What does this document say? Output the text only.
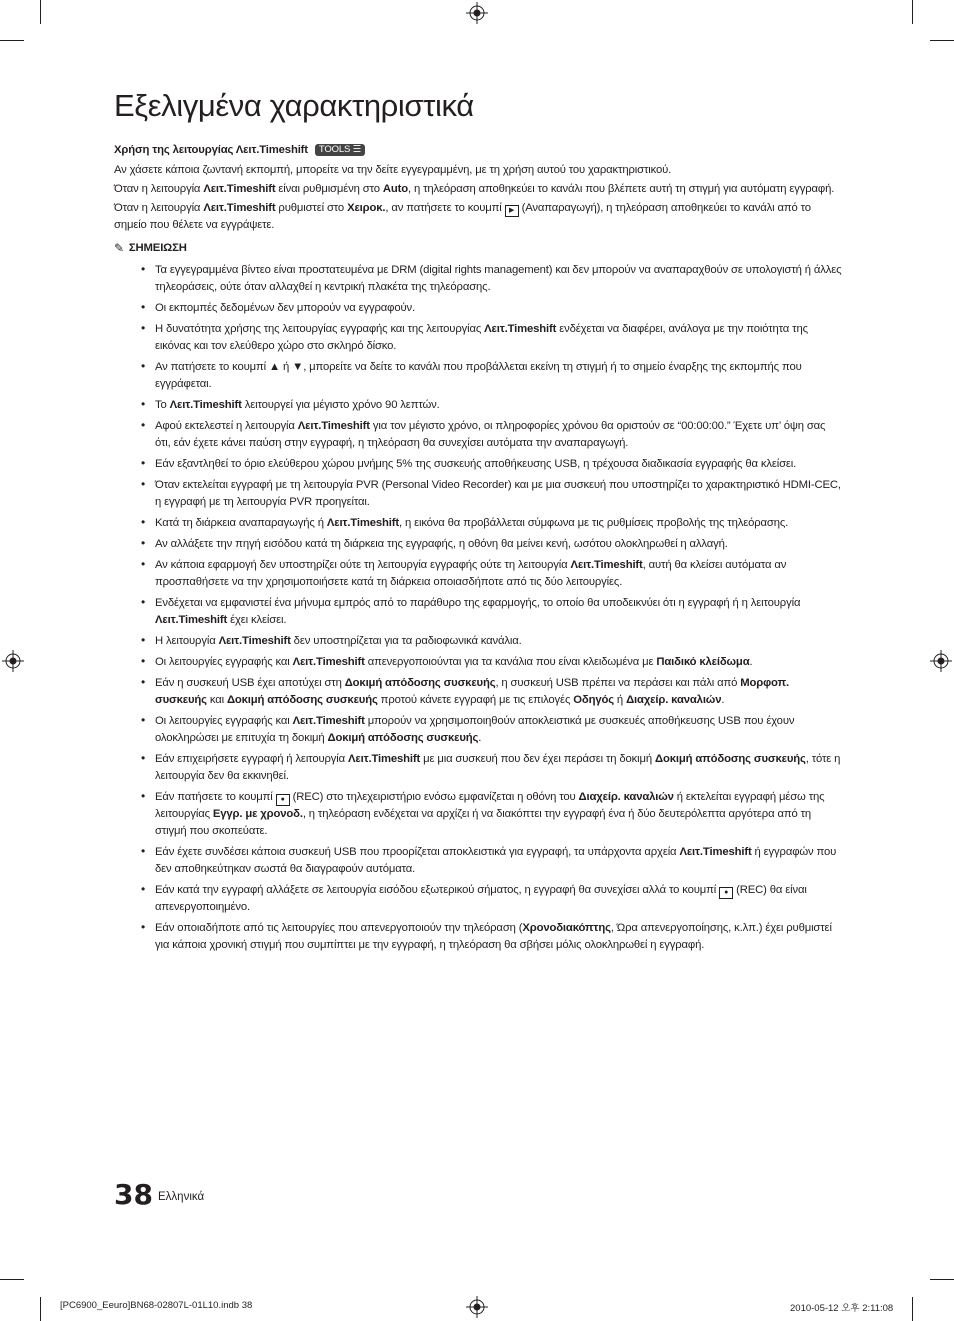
Εξελιγμένα χαρακτηριστικά
Χρήση της λειτουργίας Λειτ.Timeshift TOOLS ☰

Αν χάσετε κάποια ζωντανή εκπομπή, μπορείτε να την δείτε εγγεγραμμένη, με τη χρήση αυτού του χαρακτηριστικού.

Όταν η λειτουργία Λειτ.Timeshift είναι ρυθμισμένη στο Auto, η τηλεόραση αποθηκεύει το κανάλι που βλέπετε αυτή τη στιγμή για αυτόματη εγγραφή.

Όταν η λειτουργία Λειτ.Timeshift ρυθμιστεί στο Χειροκ., αν πατήσετε το κουμπί ▶ (Αναπαραγωγή), η τηλεόραση αποθηκεύει το κανάλι από το σημείο που θέλετε να εγγράψετε.

✎ ΣΗΜΕΙΩΣΗ
• Τα εγγεγραμμένα βίντεο είναι προστατευμένα με DRM (digital rights management) και δεν μπορούν να αναπαραχθούν σε υπολογιστή ή άλλες τηλεοράσεις, ούτε όταν αλλαχθεί η κεντρική πλακέτα της τηλεόρασης.
• Οι εκπομπές δεδομένων δεν μπορούν να εγγραφούν.
• Η δυνατότητα χρήσης της λειτουργίας εγγραφής και της λειτουργίας Λειτ.Timeshift ενδέχεται να διαφέρει, ανάλογα με την ποιότητα της εικόνας και τον ελεύθερο χώρο στο σκληρό δίσκο.
• Αν πατήσετε το κουμπί ▲ ή ▼, μπορείτε να δείτε το κανάλι που προβάλλεται εκείνη τη στιγμή ή το σημείο έναρξης της εκπομπής που εγγράφεται.
• Το Λειτ.Timeshift λειτουργεί για μέγιστο χρόνο 90 λεπτών.
• Αφού εκτελεστεί η λειτουργία Λειτ.Timeshift για τον μέγιστο χρόνο, οι πληροφορίες χρόνου θα οριστούν σε “00:00:00.” Έχετε υπ’ όψη σας ότι, εάν έχετε κάνει παύση στην εγγραφή, η τηλεόραση θα συνεχίσει αυτόματα την αναπαραγωγή.
• Εάν εξαντληθεί το όριο ελεύθερου χώρου μνήμης 5% της συσκευής αποθήκευσης USB, η τρέχουσα διαδικασία εγγραφής θα κλείσει.
• Όταν εκτελείται εγγραφή με τη λειτουργία PVR (Personal Video Recorder) και με μια συσκευή που υποστηρίζει το χαρακτηριστικό HDMI-CEC, η εγγραφή με τη λειτουργία PVR προηγείται.
• Κατά τη διάρκεια αναπαραγωγής ή Λειτ.Timeshift, η εικόνα θα προβάλλεται σύμφωνα με τις ρυθμίσεις προβολής της τηλεόρασης.
• Αν αλλάξετε την πηγή εισόδου κατά τη διάρκεια της εγγραφής, η οθόνη θα μείνει κενή, ωσότου ολοκληρωθεί η αλλαγή.
• Αν κάποια εφαρμογή δεν υποστηρίζει ούτε τη λειτουργία εγγραφής ούτε τη λειτουργία Λειτ.Timeshift, αυτή θα κλείσει αυτόματα αν προσπαθήσετε να την χρησιμοποιήσετε κατά τη διάρκεια οποιασδήποτε από τις δύο λειτουργίες.
• Ενδέχεται να εμφανιστεί ένα μήνυμα εμπρός από το παράθυρο της εφαρμογής, το οποίο θα υποδεικνύει ότι η εγγραφή ή η λειτουργία Λειτ.Timeshift έχει κλείσει.
• Η λειτουργία Λειτ.Timeshift δεν υποστηρίζεται για τα ραδιοφωνικά κανάλια.
• Οι λειτουργίες εγγραφής και Λειτ.Timeshift απενεργοποιούνται για τα κανάλια που είναι κλειδωμένα με Παιδικό κλείδωμα.
• Εάν η συσκευή USB έχει αποτύχει στη Δοκιμή απόδοσης συσκευής, η συσκευή USB πρέπει να περάσει και πάλι από Μορφοπ. συσκευής και Δοκιμή απόδοσης συσκευής προτού κάνετε εγγραφή με τις επιλογές Οδηγός ή Διαχείρ. καναλιών.
• Οι λειτουργίες εγγραφής και Λειτ.Timeshift μπορούν να χρησιμοποιηθούν αποκλειστικά με συσκευές αποθήκευσης USB που έχουν ολοκληρώσει με επιτυχία τη δοκιμή Δοκιμή απόδοσης συσκευής.
• Εάν επιχειρήσετε εγγραφή ή λειτουργία Λειτ.Timeshift με μια συσκευή που δεν έχει περάσει τη δοκιμή Δοκιμή απόδοσης συσκευής, τότε η λειτουργία δεν θα εκκινηθεί.
• Εάν πατήσετε το κουμπί ● (REC) στο τηλεχειριστήριο ενόσω εμφανίζεται η οθόνη του Διαχείρ. καναλιών ή εκτελείται εγγραφή μέσω της λειτουργίας Εγγρ. με χρονοδ., η τηλεόραση ενδέχεται να αρχίζει ή να διακόπτει την εγγραφή ένα ή δύο δευτερόλεπτα αργότερα από τη στιγμή που σκοπεύατε.
• Εάν έχετε συνδέσει κάποια συσκευή USB που προορίζεται αποκλειστικά για εγγραφή, τα υπάρχοντα αρχεία Λειτ.Timeshift ή εγγραφών που δεν αποθηκεύτηκαν σωστά θα διαγραφούν αυτόματα.
• Εάν κατά την εγγραφή αλλάξετε σε λειτουργία εισόδου εξωτερικού σήματος, η εγγραφή θα συνεχίσει αλλά το κουμπί ● (REC) θα είναι απενεργοποιημένο.
• Εάν οποιαδήποτε από τις λειτουργίες που απενεργοποιούν την τηλεόραση (Χρονοδιακόπτης, Ώρα απενεργοποίησης, κ.λπ.) έχει ρυθμιστεί για κάποια χρονική στιγμή που συμπίπτει με την εγγραφή, η τηλεόραση θα σβήσει μόλις ολοκληρωθεί η εγγραφή.
38 Ελληνικά
[PC6900_Eeuro]BN68-02807L-01L10.indb 38	2010-05-12 오후 2:11:08
